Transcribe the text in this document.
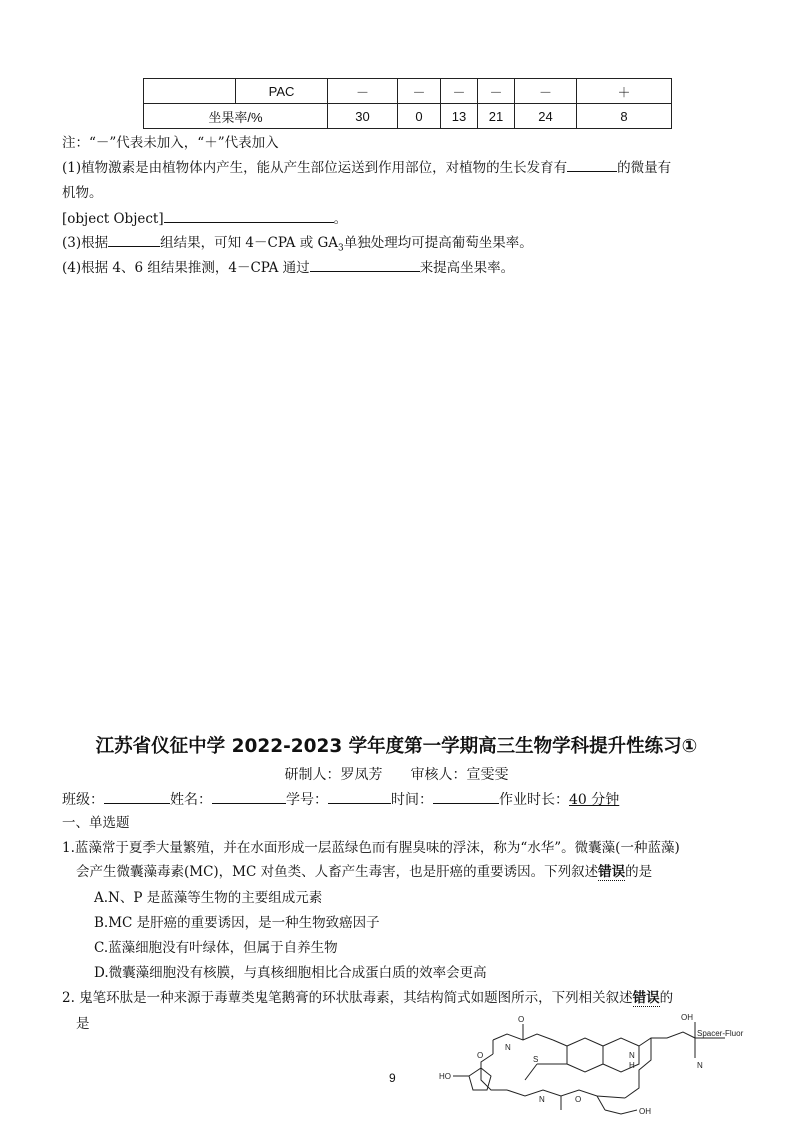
	PAC	－	－	－	－	－	＋
坐果率/%		30	0	13	21	24	8
注：“－”代表未加入，“＋”代表加入
(1)植物激素是由植物体内产生，能从产生部位运送到作用部位，对植物的生长发育有	的微量有
机物。
[object Object]	。
(3)根据	组结果，可知 4－CPA 或 $GA_3$单独处理均可提高葡萄坐果率。
(4)根据 4、6 组结果推测，4－CPA 通过	来提高坐果率。
江苏省仪征中学 2022-2023 学年度第一学期高三生物学科提升性练习①
研制人：罗凤芳　　审核人：宣雯雯
班级：	姓名：	学号：	时间：	作业时长：40 分钟
一、单选题
1.蓝藻常于夏季大量繁殖，并在水面形成一层蓝绿色而有腥臭味的浮沫，称为“水华”。微囊藻(一种蓝藻)
会产生微囊藻毒素(MC)，MC 对鱼类、人畜产生毒害，也是肝癌的重要诱因。下列叙述错误的是
A.N、P 是蓝藻等生物的主要组成元素
B.MC 是肝癌的重要诱因，是一种生物致癌因子
C.蓝藻细胞没有叶绿体，但属于自养生物
D.微囊藻细胞没有核膜，与真核细胞相比合成蛋白质的效率会更高
2. 鬼笔环肽是一种来源于毒蕈类鬼笔鹅膏的环状肽毒素，其结构简式如题图所示，下列相关叙述错误的
是	OH
Spacer-Fluor
HO
OH
S
O
O	N
H
N
N
N	O
9
